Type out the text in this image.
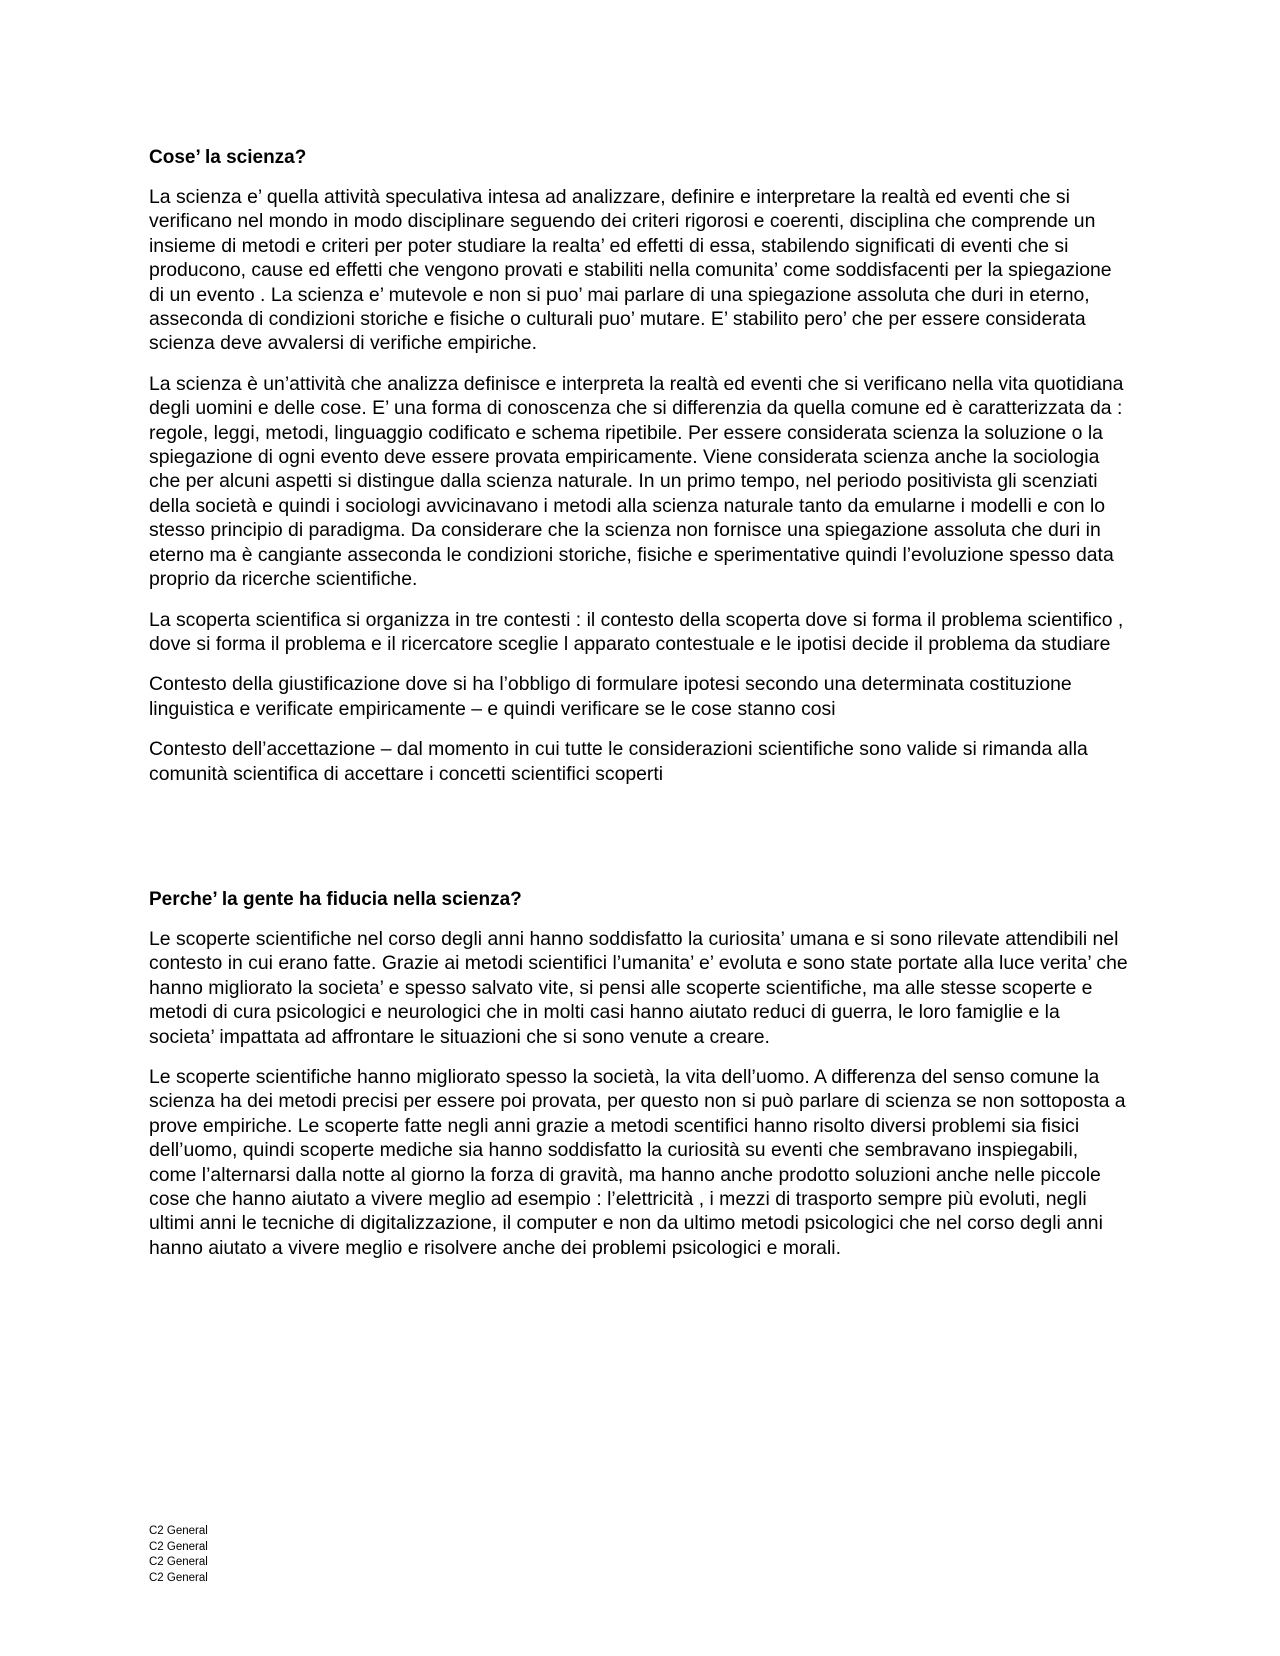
Cose’ la scienza?

La scienza e’ quella attività speculativa intesa ad analizzare, definire e interpretare la realtà ed eventi che si verificano nel mondo in modo disciplinare seguendo dei criteri rigorosi e coerenti, disciplina che comprende un insieme di metodi e criteri per poter studiare la realta’ ed effetti di essa, stabilendo significati di eventi che si producono, cause ed effetti che vengono provati e stabiliti nella comunita’ come soddisfacenti per la spiegazione di un evento . La scienza e’ mutevole e non si puo’ mai parlare di una spiegazione assoluta che duri in eterno, asseconda di condizioni storiche e fisiche o culturali puo’ mutare. E’ stabilito pero’ che per essere considerata scienza deve avvalersi di verifiche empiriche.

La scienza è un’attività che analizza definisce e interpreta la realtà ed eventi che si verificano nella vita quotidiana degli uomini e delle cose. E’ una forma di conoscenza che si differenzia da quella comune ed è caratterizzata da : regole, leggi, metodi, linguaggio codificato e schema ripetibile. Per essere considerata scienza la soluzione o la spiegazione di ogni evento deve essere provata empiricamente. Viene considerata scienza anche la sociologia che per alcuni aspetti si distingue dalla scienza naturale. In un primo tempo, nel periodo positivista gli scenziati della società e quindi i sociologi avvicinavano i metodi alla scienza naturale tanto da emularne i modelli e con lo stesso principio di paradigma. Da considerare che la scienza non fornisce una spiegazione assoluta che duri in eterno ma è cangiante asseconda le condizioni storiche, fisiche e sperimentative quindi l’evoluzione spesso data proprio da ricerche scientifiche.

La scoperta scientifica si organizza in tre contesti : il contesto della scoperta dove si forma il problema scientifico , dove si forma il problema e il ricercatore sceglie l apparato contestuale e le ipotisi decide il problema da studiare

Contesto della giustificazione dove si ha l’obbligo di formulare ipotesi secondo una determinata costituzione linguistica e verificate empiricamente – e quindi verificare se le cose stanno cosi

Contesto dell’accettazione – dal momento in cui tutte le considerazioni scientifiche sono valide si rimanda alla comunità scientifica di accettare i concetti scientifici scoperti

Perche’ la gente ha fiducia nella scienza?

Le scoperte scientifiche nel corso degli anni hanno soddisfatto la curiosita’ umana e si sono rilevate attendibili nel contesto in cui erano fatte. Grazie ai metodi scientifici l’umanita’ e’ evoluta e sono state portate alla luce verita’ che hanno migliorato la societa’ e spesso salvato vite, si pensi alle scoperte scientifiche, ma alle stesse scoperte e metodi di cura psicologici e neurologici che in molti casi hanno aiutato reduci di guerra, le loro famiglie e la societa’ impattata ad affrontare le situazioni che si sono venute a creare.

Le scoperte scientifiche hanno migliorato spesso la società, la vita dell’uomo. A differenza del senso comune la scienza ha dei metodi precisi per essere poi provata, per questo non si può parlare di scienza se non sottoposta a prove empiriche. Le scoperte fatte negli anni grazie a metodi scentifici hanno risolto diversi problemi sia fisici dell’uomo, quindi scoperte mediche sia hanno soddisfatto la curiosità su eventi che sembravano inspiegabili, come l’alternarsi dalla notte al giorno la forza di gravità, ma hanno anche prodotto soluzioni anche nelle piccole cose che hanno aiutato a vivere meglio ad esempio : l’elettricità , i mezzi di trasporto sempre più evoluti, negli ultimi anni le tecniche di digitalizzazione, il computer e non da ultimo metodi psicologici che nel corso degli anni hanno aiutato a vivere meglio e risolvere anche dei problemi psicologici e morali.

C2 General
C2 General
C2 General
C2 General
